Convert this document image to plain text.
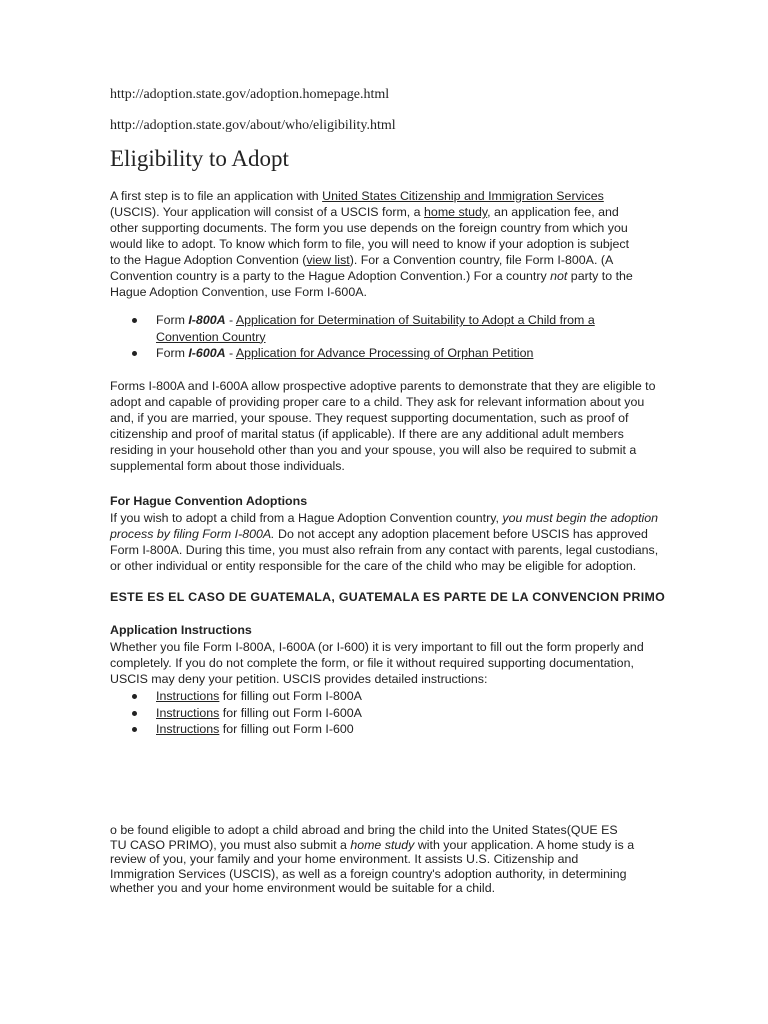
http://adoption.state.gov/adoption.homepage.html
http://adoption.state.gov/about/who/eligibility.html
Eligibility to Adopt
A first step is to file an application with United States Citizenship and Immigration Services
(USCIS). Your application will consist of a USCIS form, a home study, an application fee, and
other supporting documents. The form you use depends on the foreign country from which you
would like to adopt. To know which form to file, you will need to know if your adoption is subject
to the Hague Adoption Convention (view list). For a Convention country, file Form I-800A. (A
Convention country is a party to the Hague Adoption Convention.) For a country not party to the
Hague Adoption Convention, use Form I-600A.
Form I-800A - Application for Determination of Suitability to Adopt a Child from a
Convention Country
Form I-600A - Application for Advance Processing of Orphan Petition
Forms I-800A and I-600A allow prospective adoptive parents to demonstrate that they are eligible to
adopt and capable of providing proper care to a child. They ask for relevant information about you
and, if you are married, your spouse. They request supporting documentation, such as proof of
citizenship and proof of marital status (if applicable). If there are any additional adult members
residing in your household other than you and your spouse, you will also be required to submit a
supplemental form about those individuals.
For Hague Convention Adoptions
If you wish to adopt a child from a Hague Adoption Convention country, you must begin the adoption
process by filing Form I-800A. Do not accept any adoption placement before USCIS has approved
Form I-800A. During this time, you must also refrain from any contact with parents, legal custodians,
or other individual or entity responsible for the care of the child who may be eligible for adoption.
ESTE ES EL CASO DE GUATEMALA, GUATEMALA ES PARTE DE LA CONVENCION PRIMO
Application Instructions
Whether you file Form I-800A, I-600A (or I-600) it is very important to fill out the form properly and
completely. If you do not complete the form, or file it without required supporting documentation,
USCIS may deny your petition. USCIS provides detailed instructions:
Instructions for filling out Form I-800A
Instructions for filling out Form I-600A
Instructions for filling out Form I-600
o be found eligible to adopt a child abroad and bring the child into the United States(QUE ES
TU CASO PRIMO), you must also submit a home study with your application. A home study is a
review of you, your family and your home environment. It assists U.S. Citizenship and
Immigration Services (USCIS), as well as a foreign country's adoption authority, in determining
whether you and your home environment would be suitable for a child.
